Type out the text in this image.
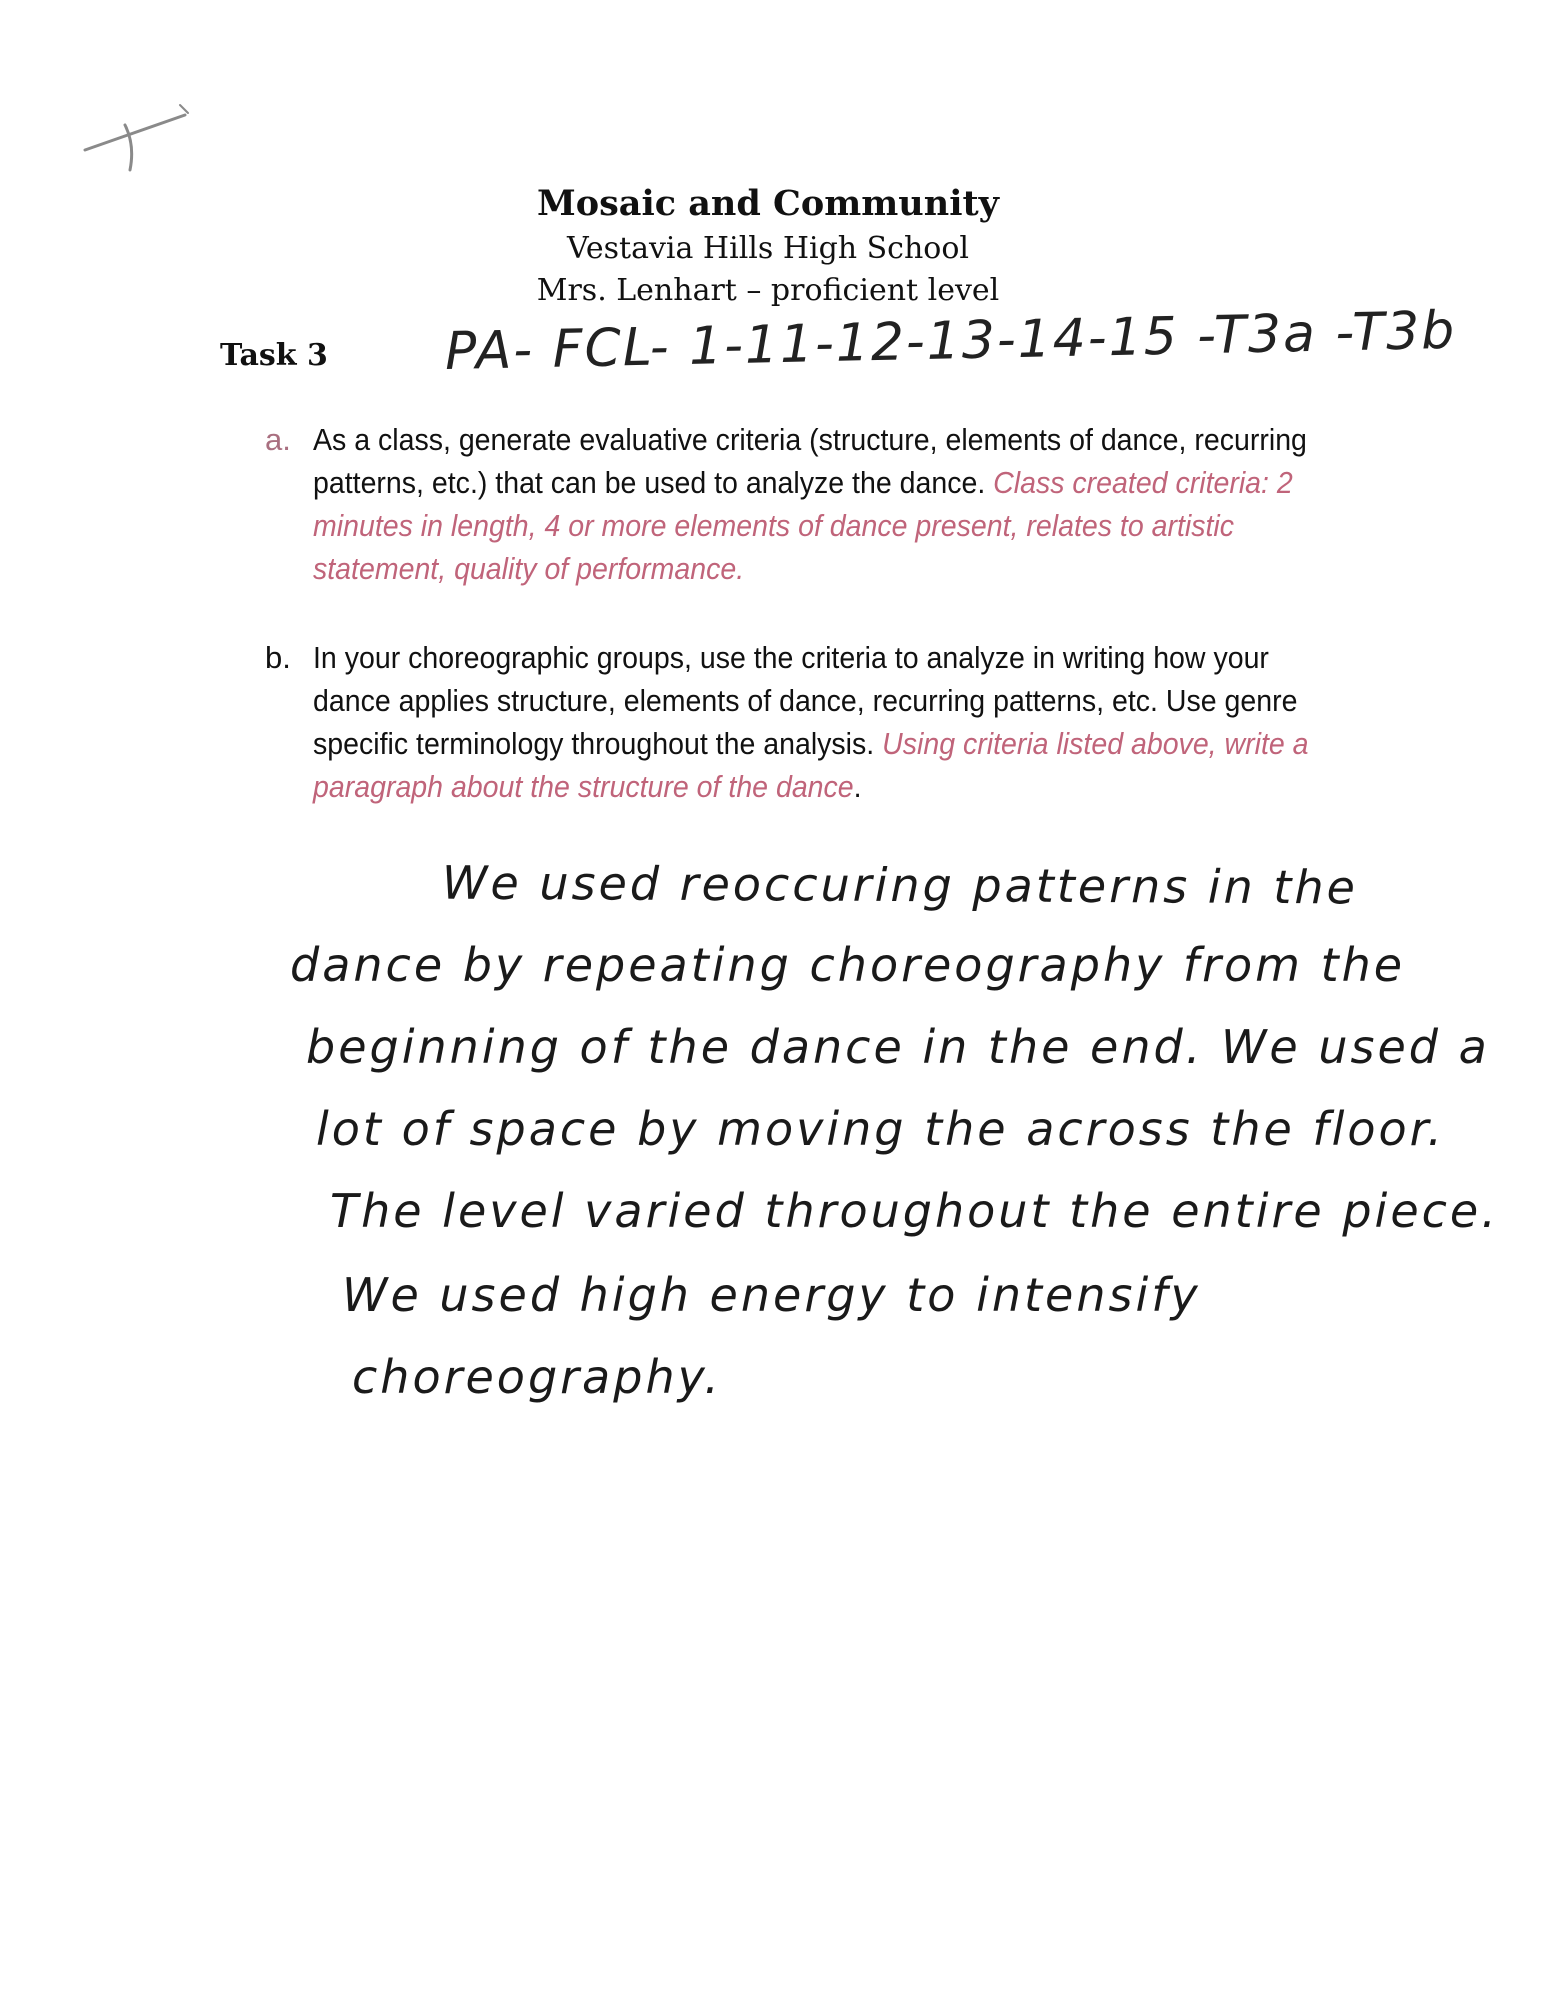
Mosaic and Community
Vestavia Hills High School
Mrs. Lenhart – proficient level
Task 3 PA- FCL- 1-11-12-13-14-15 -T3a -T3b
a. As a class, generate evaluative criteria (structure, elements of dance, recurring patterns, etc.) that can be used to analyze the dance. Class created criteria: 2 minutes in length, 4 or more elements of dance present, relates to artistic statement, quality of performance.
b. In your choreographic groups, use the criteria to analyze in writing how your dance applies structure, elements of dance, recurring patterns, etc. Use genre specific terminology throughout the analysis. Using criteria listed above, write a paragraph about the structure of the dance.
We used reoccuring patterns in the
dance by repeating choreography from the
beginning of the dance in the end. We used a
lot of space by moving the across the floor.
The level varied throughout the entire piece.
We used high energy to intensify
choreography.
